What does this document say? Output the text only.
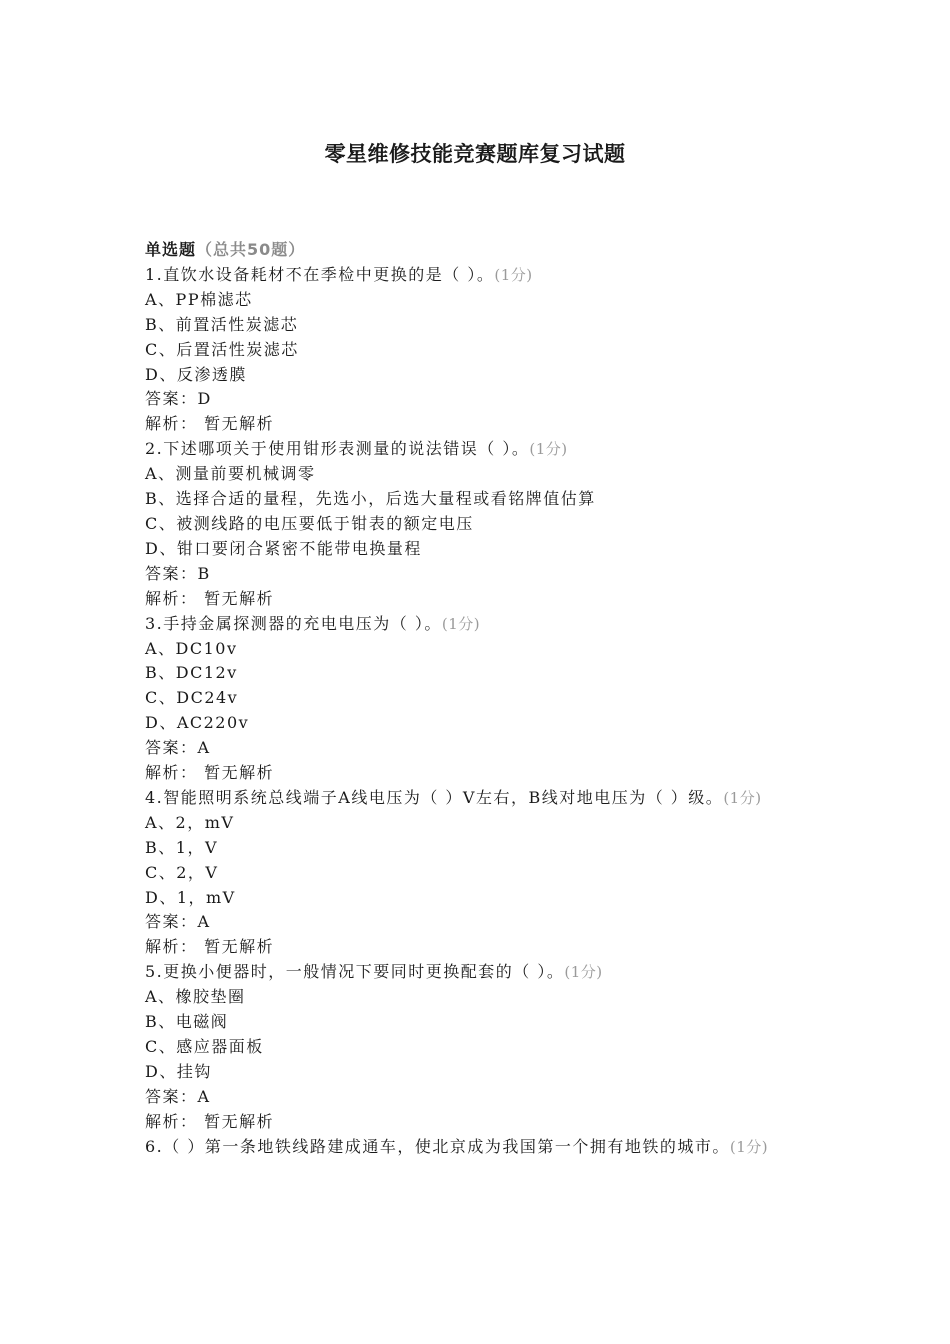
零星维修技能竞赛题库复习试题
单选题（总共50题）
1.直饮水设备耗材不在季检中更换的是（ ）。(1分)
A、PP棉滤芯
B、前置活性炭滤芯
C、后置活性炭滤芯
D、反渗透膜
答案：D
解析： 暂无解析
2.下述哪项关于使用钳形表测量的说法错误（ ）。(1分)
A、测量前要机械调零
B、选择合适的量程，先选小，后选大量程或看铭牌值估算
C、被测线路的电压要低于钳表的额定电压
D、钳口要闭合紧密不能带电换量程
答案：B
解析： 暂无解析
3.手持金属探测器的充电电压为（ ）。(1分)
A、DC10v
B、DC12v
C、DC24v
D、AC220v
答案：A
解析： 暂无解析
4.智能照明系统总线端子A线电压为（ ）V左右，B线对地电压为（ ）级。(1分)
A、2，mV
B、1，V
C、2，V
D、1，mV
答案：A
解析： 暂无解析
5.更换小便器时，一般情况下要同时更换配套的（ ）。(1分)
A、橡胶垫圈
B、电磁阀
C、感应器面板
D、挂钩
答案：A
解析： 暂无解析
6.（ ）第一条地铁线路建成通车，使北京成为我国第一个拥有地铁的城市。(1分)
